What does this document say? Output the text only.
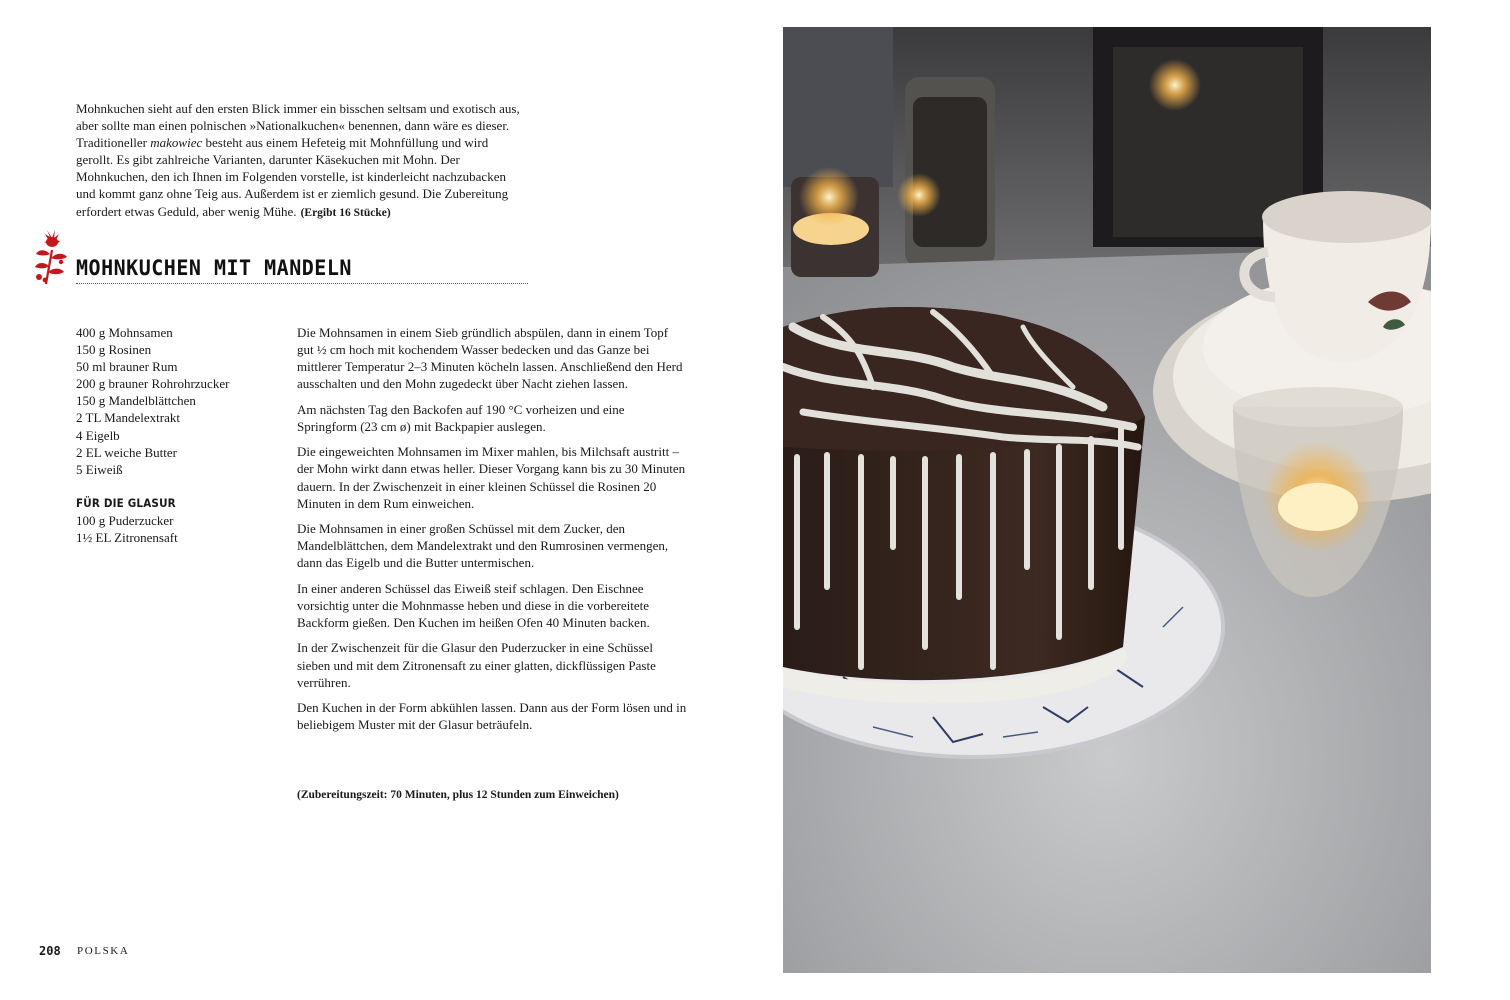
Mohnkuchen sieht auf den ersten Blick immer ein bisschen seltsam und exotisch aus, aber sollte man einen polnischen »Nationalkuchen« benennen, dann wäre es dieser. Traditioneller makowiec besteht aus einem Hefeteig mit Mohnfüllung und wird gerollt. Es gibt zahlreiche Varianten, darunter Käsekuchen mit Mohn. Der Mohnkuchen, den ich Ihnen im Folgenden vorstelle, ist kinderleicht nachzubacken und kommt ganz ohne Teig aus. Außerdem ist er ziemlich gesund. Die Zubereitung erfordert etwas Geduld, aber wenig Mühe. (Ergibt 16 Stücke)

MOHNKUCHEN MIT MANDELN
400 g Mohnsamen
150 g Rosinen
50 ml brauner Rum
200 g brauner Rohrohrzucker
150 g Mandelblättchen
2 TL Mandelextrakt
4 Eigelb
2 EL weiche Butter
5 Eiweiß
FÜR DIE GLASUR
100 g Puderzucker
1½ EL Zitronensaft

Die Mohnsamen in einem Sieb gründlich abspülen, dann in einem Topf gut ½ cm hoch mit kochendem Wasser bedecken und das Ganze bei mittlerer Temperatur 2–3 Minuten köcheln lassen. Anschließend den Herd ausschalten und den Mohn zugedeckt über Nacht ziehen lassen.

Am nächsten Tag den Backofen auf 190 °C vorheizen und eine Springform (23 cm ø) mit Backpapier auslegen.

Die eingeweichten Mohnsamen im Mixer mahlen, bis Milchsaft austritt – der Mohn wirkt dann etwas heller. Dieser Vorgang kann bis zu 30 Minuten dauern. In der Zwischenzeit in einer kleinen Schüssel die Rosinen 20 Minuten in dem Rum einweichen.

Die Mohnsamen in einer großen Schüssel mit dem Zucker, den Mandelblättchen, dem Mandelextrakt und den Rumrosinen vermengen, dann das Eigelb und die Butter untermischen.

In einer anderen Schüssel das Eiweiß steif schlagen. Den Eischnee vorsichtig unter die Mohnmasse heben und diese in die vorbereitete Backform gießen. Den Kuchen im heißen Ofen 40 Minuten backen.

In der Zwischenzeit für die Glasur den Puderzucker in eine Schüssel sieben und mit dem Zitronensaft zu einer glatten, dickflüssigen Paste verrühren.

Den Kuchen in der Form abkühlen lassen. Dann aus der Form lösen und in beliebigem Muster mit der Glasur beträufeln.

(Zubereitungszeit: 70 Minuten, plus 12 Stunden zum Einweichen)
208 POLSKA
